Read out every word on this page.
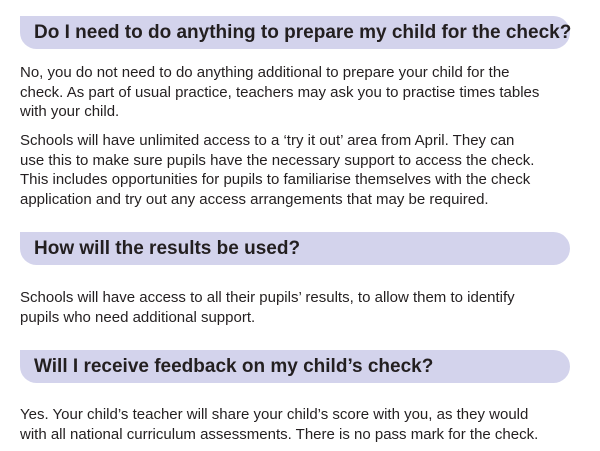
Do I need to do anything to prepare my child for the check?

No, you do not need to do anything additional to prepare your child for the
check. As part of usual practice, teachers may ask you to practise times tables
with your child.

Schools will have unlimited access to a ‘try it out’ area from April. They can
use this to make sure pupils have the necessary support to access the check.
This includes opportunities for pupils to familiarise themselves with the check
application and try out any access arrangements that may be required.

How will the results be used?

Schools will have access to all their pupils’ results, to allow them to identify
pupils who need additional support.

Will I receive feedback on my child’s check?

Yes. Your child’s teacher will share your child’s score with you, as they would
with all national curriculum assessments. There is no pass mark for the check.
